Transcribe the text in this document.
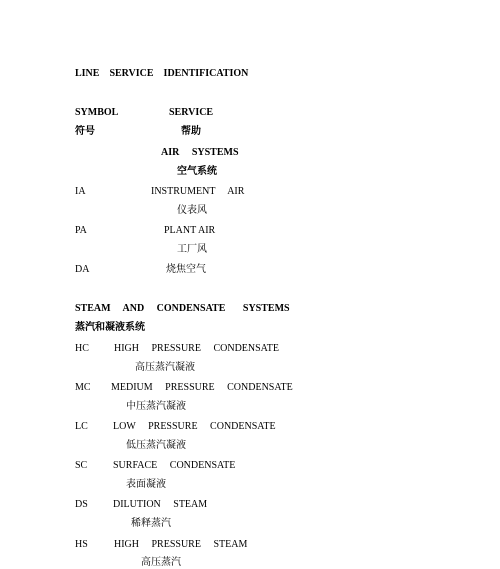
LINE    SERVICE    IDENTIFICATION
SYMBOL	SERVICE
符号	帮助
AIR     SYSTEMS
空气系统
IA	INSTRUMENT     AIR
仪表风
PA	PLANT AIR
工厂风
DA	烧焦空气
STEAM     AND     CONDENSATE       SYSTEMS
蒸汽和凝液系统
HC	HIGH     PRESSURE     CONDENSATE
高压蒸汽凝液
MC MEDIUM     PRESSURE     CONDENSATE
中压蒸汽凝液
LC	LOW     PRESSURE     CONDENSATE
低压蒸汽凝液
SC	SURFACE     CONDENSATE
表面凝液
DS	DILUTION     STEAM
稀释蒸汽
HS	HIGH     PRESSURE     STEAM
高压蒸汽
